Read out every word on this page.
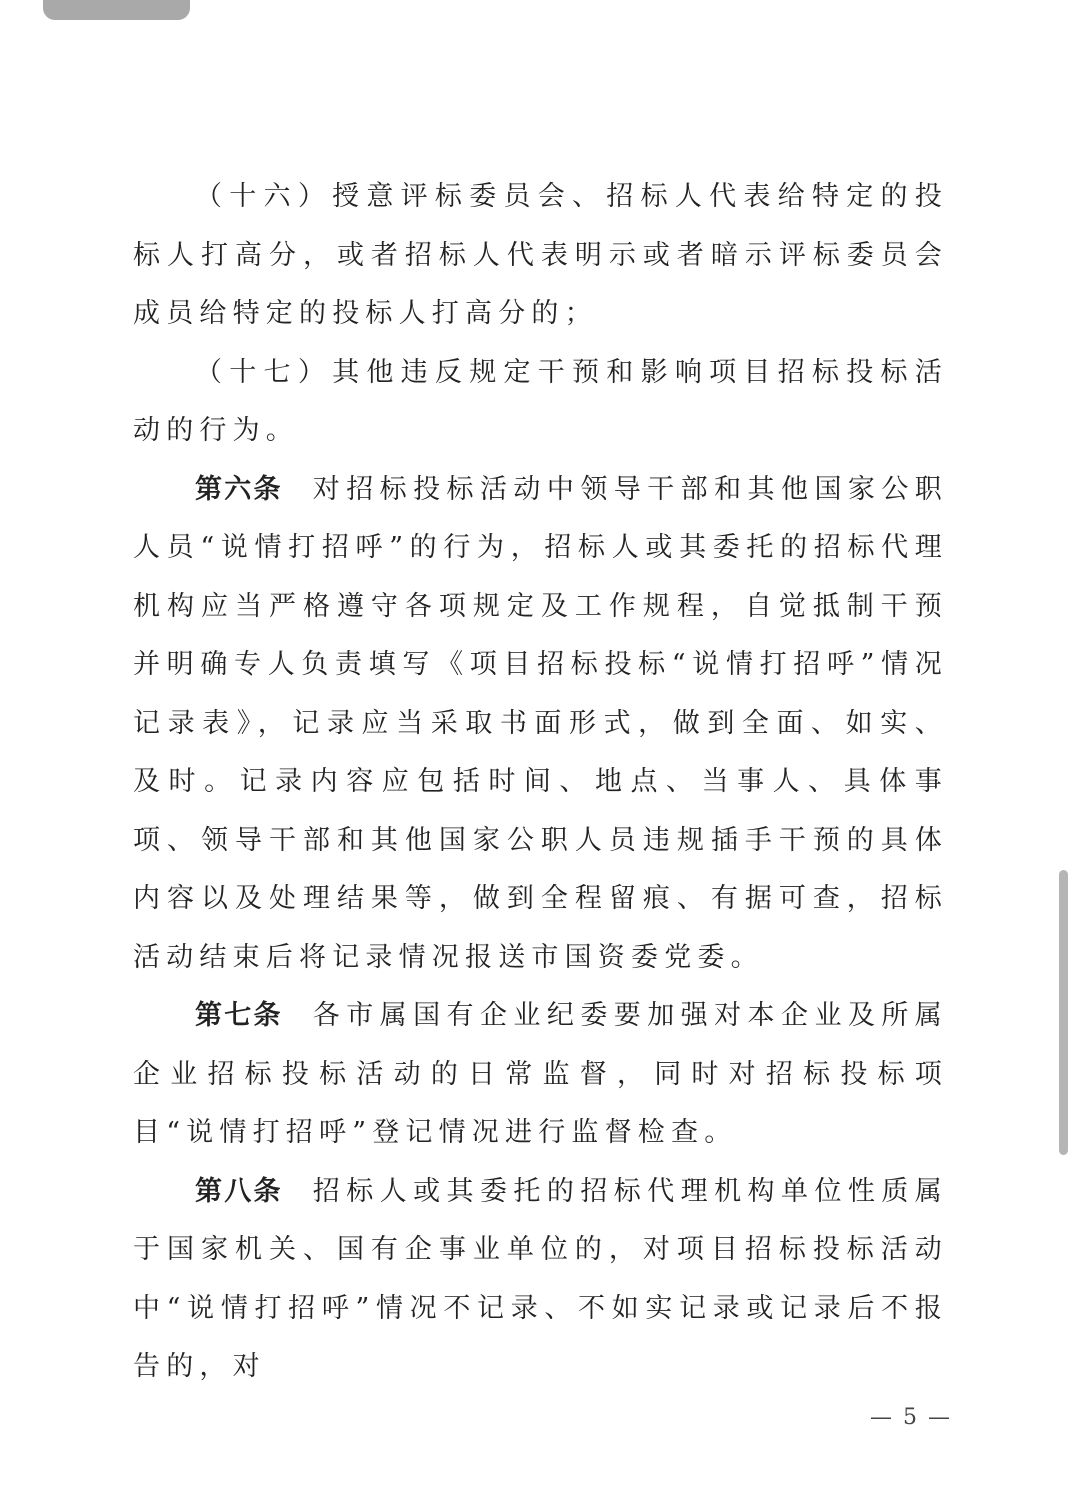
（十六）授意评标委员会、招标人代表给特定的投标人打高分，或者招标人代表明示或者暗示评标委员会成员给特定的投标人打高分的；

（十七）其他违反规定干预和影响项目招标投标活动的行为。

第六条 对招标投标活动中领导干部和其他国家公职人员“说情打招呼”的行为，招标人或其委托的招标代理机构应当严格遵守各项规定及工作规程，自觉抵制干预并明确专人负责填写《项目招标投标“说情打招呼”情况记录表》，记录应当采取书面形式，做到全面、如实、及时。记录内容应包括时间、地点、当事人、具体事项、领导干部和其他国家公职人员违规插手干预的具体内容以及处理结果等，做到全程留痕、有据可查，招标活动结束后将记录情况报送市国资委党委。

第七条 各市属国有企业纪委要加强对本企业及所属企业招标投标活动的日常监督，同时对招标投标项目“说情打招呼”登记情况进行监督检查。

第八条 招标人或其委托的招标代理机构单位性质属于国家机关、国有企事业单位的，对项目招标投标活动中“说情打招呼”情况不记录、不如实记录或记录后不报告的，对

— 5 —
